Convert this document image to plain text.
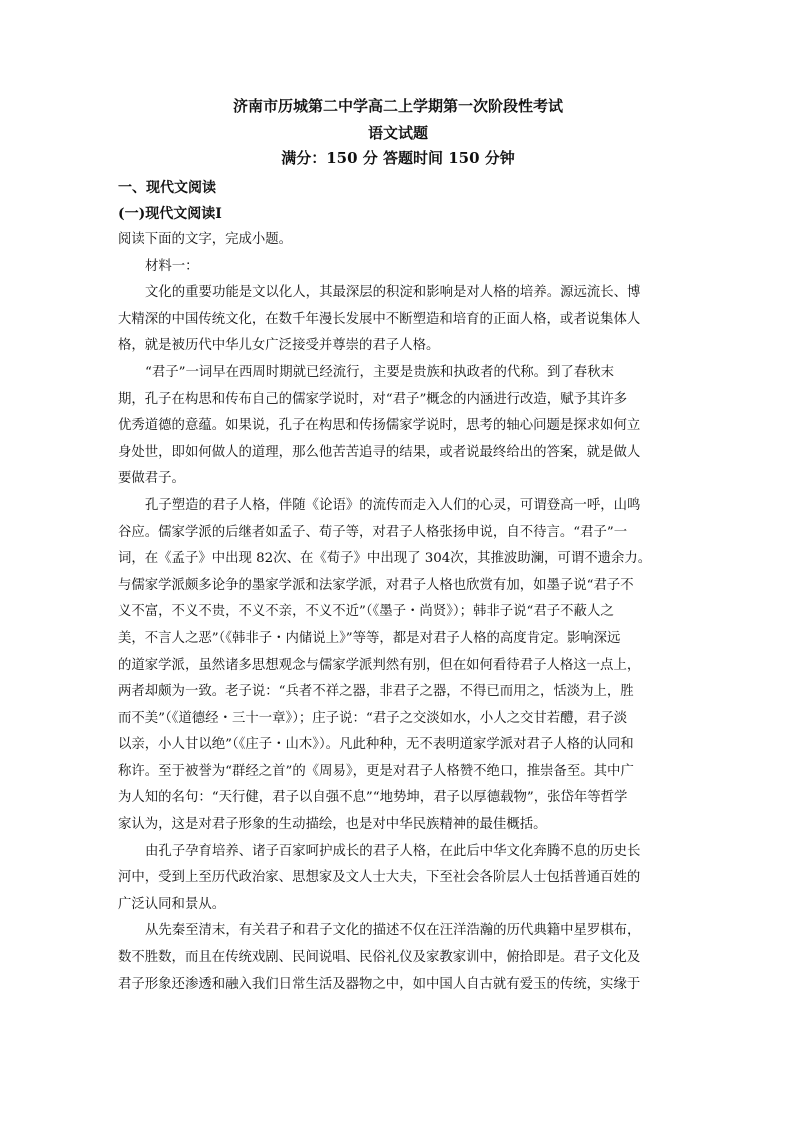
济南市历城第二中学高二上学期第一次阶段性考试

语文试题

满分：150 分 答题时间 150 分钟

一、现代文阅读

(一)现代文阅读Ⅰ

阅读下面的文字，完成小题。

材料一：

文化的重要功能是文以化人，其最深层的积淀和影响是对人格的培养。源远流长、博

大精深的中国传统文化，在数千年漫长发展中不断塑造和培育的正面人格，或者说集体人

格，就是被历代中华儿女广泛接受并尊崇的君子人格。

“君子”一词早在西周时期就已经流行，主要是贵族和执政者的代称。到了春秋末

期，孔子在构思和传布自己的儒家学说时，对“君子”概念的内涵进行改造，赋予其许多

优秀道德的意蕴。如果说，孔子在构思和传扬儒家学说时，思考的轴心问题是探求如何立

身处世，即如何做人的道理，那么他苦苦追寻的结果，或者说最终给出的答案，就是做人

要做君子。

孔子塑造的君子人格，伴随《论语》的流传而走入人们的心灵，可谓登高一呼，山鸣

谷应。儒家学派的后继者如孟子、荀子等，对君子人格张扬申说，自不待言。“君子”一

词，在《孟子》中出现 82次、在《荀子》中出现了 304次，其推波助澜，可谓不遗余力。

与儒家学派颇多论争的墨家学派和法家学派，对君子人格也欣赏有加，如墨子说“君子不

义不富，不义不贵，不义不亲，不义不近”（《墨子・尚贤》）；韩非子说“君子不蔽人之

美，不言人之恶”（《韩非子・内储说上》”等等，都是对君子人格的高度肯定。影响深远

的道家学派，虽然诸多思想观念与儒家学派判然有别，但在如何看待君子人格这一点上，

两者却颇为一致。老子说：“兵者不祥之器，非君子之器，不得已而用之，恬淡为上，胜

而不美”（《道德经・三十一章》）；庄子说：“君子之交淡如水，小人之交甘若醴，君子淡

以亲，小人甘以绝”（《庄子・山木》）。凡此种种，无不表明道家学派对君子人格的认同和

称许。至于被誉为“群经之首”的《周易》，更是对君子人格赞不绝口，推崇备至。其中广

为人知的名句：“天行健，君子以自强不息”“地势坤，君子以厚德载物”，张岱年等哲学

家认为，这是对君子形象的生动描绘，也是对中华民族精神的最佳概括。

由孔子孕育培养、诸子百家呵护成长的君子人格，在此后中华文化奔腾不息的历史长

河中，受到上至历代政治家、思想家及文人士大夫，下至社会各阶层人士包括普通百姓的

广泛认同和景从。

从先秦至清末，有关君子和君子文化的描述不仅在汪洋浩瀚的历代典籍中星罗棋布，

数不胜数，而且在传统戏剧、民间说唱、民俗礼仪及家教家训中，俯拾即是。君子文化及

君子形象还渗透和融入我们日常生活及器物之中，如中国人自古就有爱玉的传统，实缘于
